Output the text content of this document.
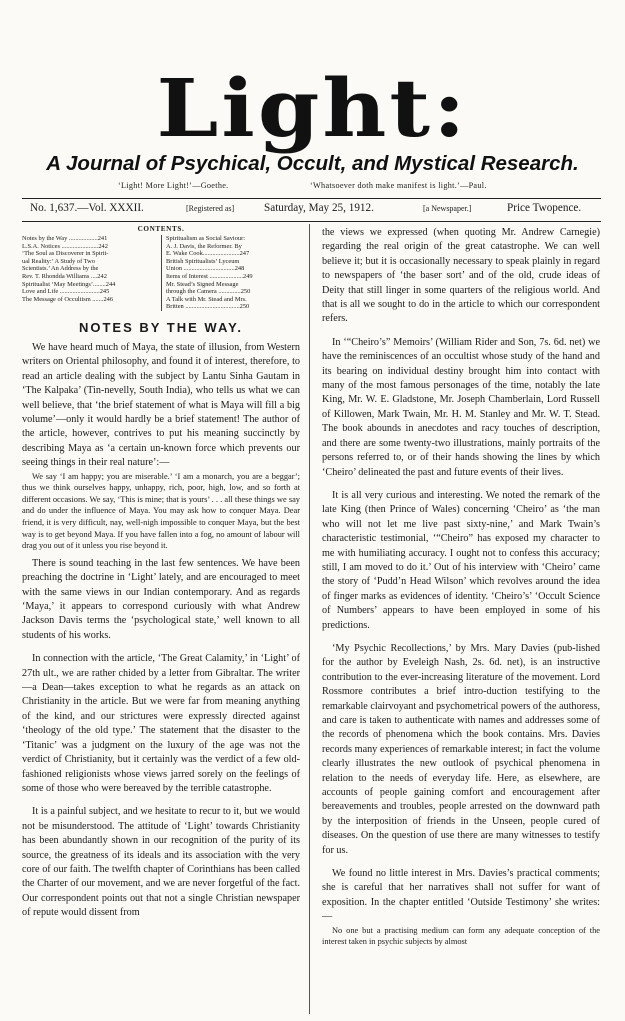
Light:
A Journal of Psychical, Occult, and Mystical Research.
‘Light! More Light!’—Goethe.	‘Whatsoever doth make manifest is light.’—Paul.
No. 1,637.—Vol. XXXII.	[Registered as]	Saturday, May 25, 1912.	[a Newspaper.]	Price Twopence.
CONTENTS.
Notes by the Way ..................241
L.S.A. Notices .......................242
‘The Soul as Discoverer in Spirit-
ual Reality:’ A Study of Two
Scientists.’ An Address by the
Rev. T. Rhondda Williams ....242
Spiritualist ‘May Meetings’........244
Love and Life .........................245
The Message of Occultism .......246
Spiritualism as Social Saviour:
A. J. Davis, the Reformer. By
E. Wake Cook.......................247
British Spiritualists’ Lyceum
Union ................................248
Items of Interest .....................249
Mr. Stead’s Signed Message
through the Camera ..............250
A Talk with Mr. Stead and Mrs.
Britten ..................................250
NOTES BY THE WAY.

We have heard much of Maya, the state of illusion, from Western writers on Oriental philosophy, and found it of interest, therefore, to read an article dealing with the subject by Lantu Sinha Gautam in ‘The Kalpaka’ (Tin-nevelly, South India), who tells us what we can well believe, that ‘the brief statement of what is Maya will fill a big volume’—only it would hardly be a brief statement! The author of the article, however, contrives to put his meaning succinctly by describing Maya as ‘a certain un-known force which prevents our seeing things in their real nature’:—

We say ‘I am happy; you are miserable.’ ‘I am a monarch, you are a beggar’; thus we think ourselves happy, unhappy, rich, poor, high, low, and so forth at different occasions. We say, ‘This is mine; that is yours’ . . . all these things we say and do under the influence of Maya. You may ask how to conquer Maya. Dear friend, it is very difficult, nay, well-nigh impossible to conquer Maya, but the best way is to get beyond Maya. If you have fallen into a fog, no amount of labour will drag you out of it unless you rise beyond it.

There is sound teaching in the last few sentences. We have been preaching the doctrine in ‘Light’ lately, and are encouraged to meet with the same views in our Indian contemporary. And as regards ‘Maya,’ it appears to correspond curiously with what Andrew Jackson Davis terms the ‘psychological state,’ well known to all students of his works.

In connection with the article, ‘The Great Calamity,’ in ‘Light’ of 27th ult., we are rather chided by a letter from Gibraltar. The writer—a Dean—takes exception to what he regards as an attack on Christianity in the article. But we were far from meaning anything of the kind, and our strictures were expressly directed against ‘theology of the old type.’ The statement that the disaster to the ‘Titanic’ was a judgment on the luxury of the age was not the verdict of Christianity, but it certainly was the verdict of a few old-fashioned religionists whose views jarred sorely on the feelings of some of those who were bereaved by the terrible catastrophe.

It is a painful subject, and we hesitate to recur to it, but we would not be misunderstood. The attitude of ‘Light’ towards Christianity has been abundantly shown in our recognition of the purity of its source, the greatness of its ideals and its association with the very core of our faith. The twelfth chapter of Corinthians has been called the Charter of our movement, and we are never forgetful of the fact. Our correspondent points out that not a single Christian newspaper of repute would dissent from

the views we expressed (when quoting Mr. Andrew Carnegie) regarding the real origin of the great catastrophe. We can well believe it; but it is occasionally necessary to speak plainly in regard to newspapers of ‘the baser sort’ and of the old, crude ideas of Deity that still linger in some quarters of the religious world. And that is all we sought to do in the article to which our correspondent refers.

In ‘“Cheiro’s” Memoirs’ (William Rider and Son, 7s. 6d. net) we have the reminiscences of an occultist whose study of the hand and its bearing on individual destiny brought him into contact with many of the most famous personages of the time, notably the late King, Mr. W. E. Gladstone, Mr. Joseph Chamberlain, Lord Russell of Killowen, Mark Twain, Mr. H. M. Stanley and Mr. W. T. Stead. The book abounds in anecdotes and racy touches of description, and there are some twenty-two illustrations, mainly portraits of the persons referred to, or of their hands showing the lines by which ‘Cheiro’ delineated the past and future events of their lives.

It is all very curious and interesting. We noted the remark of the late King (then Prince of Wales) concerning ‘Cheiro’ as ‘the man who will not let me live past sixty-nine,’ and Mark Twain’s characteristic testimonial, ‘“Cheiro” has exposed my character to me with humiliating accuracy. I ought not to confess this accuracy; still, I am moved to do it.’ Out of his interview with ‘Cheiro’ came the story of ‘Pudd’n Head Wilson’ which revolves around the idea of finger marks as evidences of identity. ‘Cheiro’s’ ‘Occult Science of Numbers’ appears to have been employed in some of his predictions.

‘My Psychic Recollections,’ by Mrs. Mary Davies (pub-lished for the author by Eveleigh Nash, 2s. 6d. net), is an instructive contribution to the ever-increasing literature of the movement. Lord Rossmore contributes a brief intro-duction testifying to the remarkable clairvoyant and psychometrical powers of the authoress, and care is taken to authenticate with names and addresses some of the records of phenomena which the book contains. Mrs. Davies records many experiences of remarkable interest; in fact the volume clearly illustrates the new outlook of psychical phenomena in relation to the needs of everyday life. Here, as elsewhere, are accounts of people gaining comfort and encouragement after bereavements and troubles, people arrested on the downward path by the interposition of friends in the Unseen, people cured of diseases. On the question of use there are many witnesses to testify for us.

We found no little interest in Mrs. Davies’s practical comments; she is careful that her narratives shall not suffer for want of exposition. In the chapter entitled ‘Outside Testimony’ she writes:—

No one but a practising medium can form any adequate conception of the interest taken in psychic subjects by almost
